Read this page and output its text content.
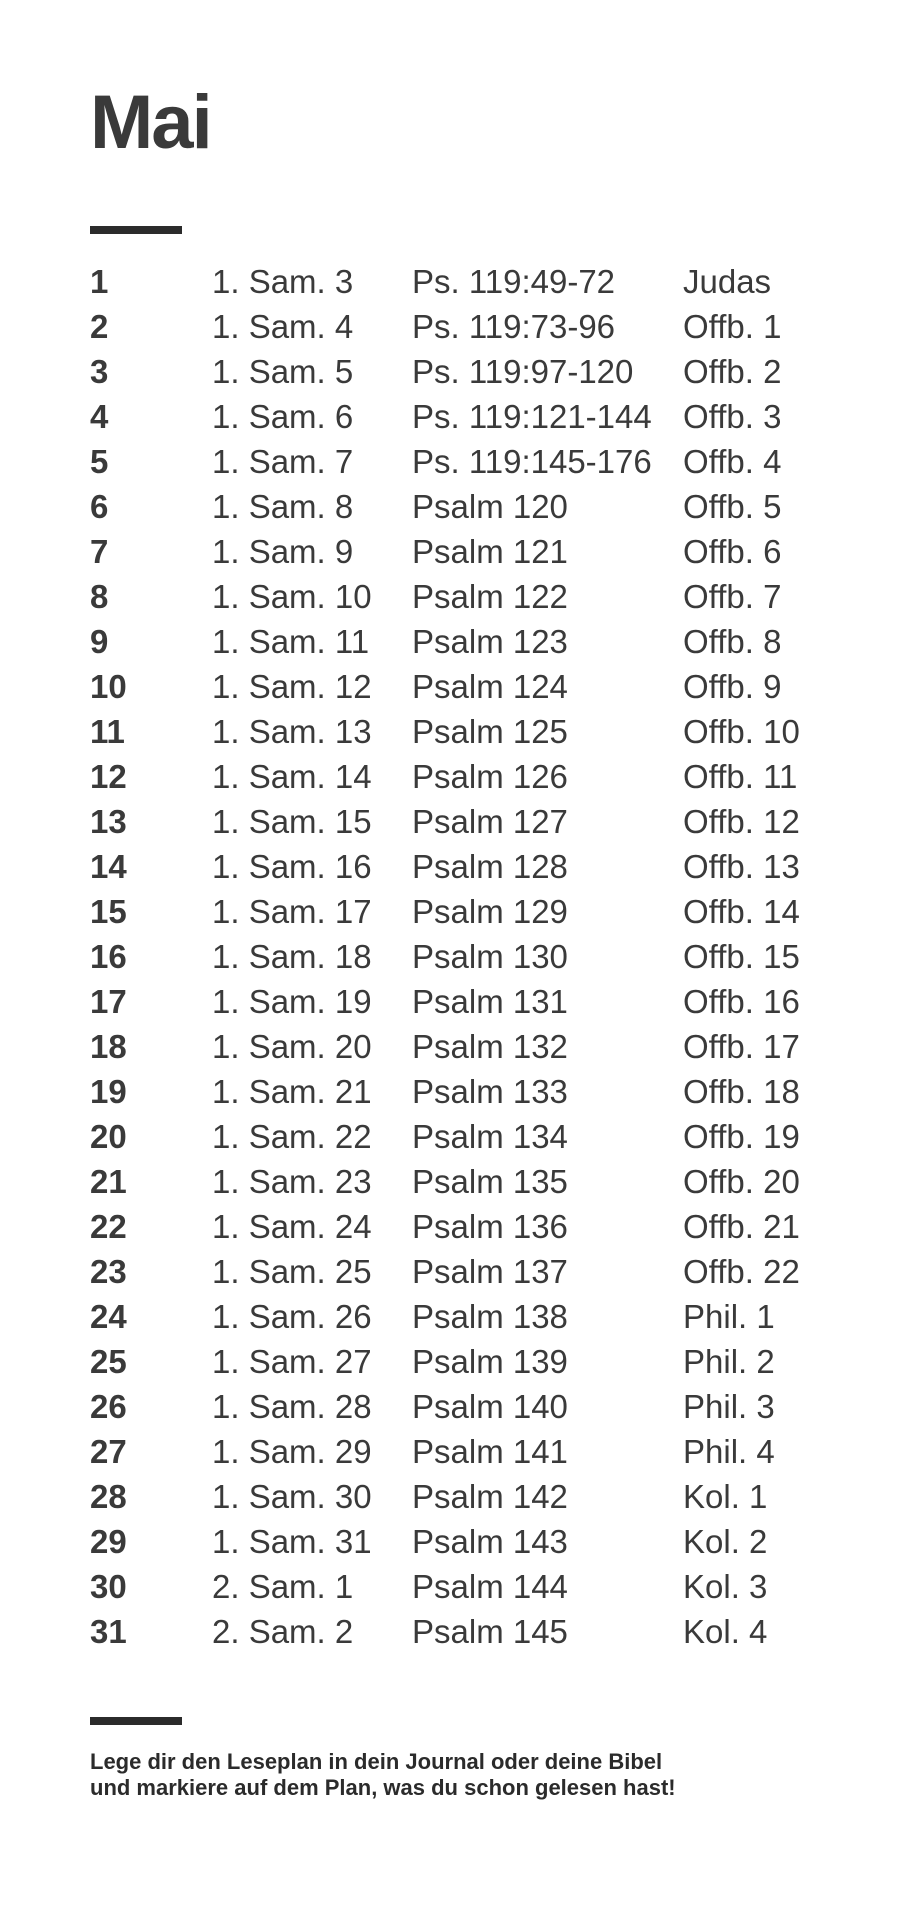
Mai
1	1. Sam. 3	Ps. 119:49-72	Judas
2	1. Sam. 4	Ps. 119:73-96	Offb. 1
3	1. Sam. 5	Ps. 119:97-120	Offb. 2
4	1. Sam. 6	Ps. 119:121-144 Offb. 3
5	1. Sam. 7	Ps. 119:145-176 Offb. 4
6	1. Sam. 8	Psalm 120	Offb. 5
7	1. Sam. 9	Psalm 121	Offb. 6
8	1. Sam. 10	Psalm 122	Offb. 7
9	1. Sam. 11	Psalm 123	Offb. 8
10	1. Sam. 12	Psalm 124	Offb. 9
11	1. Sam. 13	Psalm 125	Offb. 10
12	1. Sam. 14	Psalm 126	Offb. 11
13	1. Sam. 15	Psalm 127	Offb. 12
14	1. Sam. 16	Psalm 128	Offb. 13
15	1. Sam. 17	Psalm 129	Offb. 14
16	1. Sam. 18	Psalm 130	Offb. 15
17	1. Sam. 19	Psalm 131	Offb. 16
18	1. Sam. 20	Psalm 132	Offb. 17
19	1. Sam. 21	Psalm 133	Offb. 18
20	1. Sam. 22	Psalm 134	Offb. 19
21	1. Sam. 23	Psalm 135	Offb. 20
22	1. Sam. 24	Psalm 136	Offb. 21
23	1. Sam. 25	Psalm 137	Offb. 22
24	1. Sam. 26	Psalm 138	Phil. 1
25	1. Sam. 27	Psalm 139	Phil. 2
26	1. Sam. 28	Psalm 140	Phil. 3
27	1. Sam. 29	Psalm 141	Phil. 4
28	1. Sam. 30	Psalm 142	Kol. 1
29	1. Sam. 31	Psalm 143	Kol. 2
30	2. Sam. 1	Psalm 144	Kol. 3
31	2. Sam. 2	Psalm 145	Kol. 4
Lege dir den Leseplan in dein Journal oder deine Bibel
und markiere auf dem Plan, was du schon gelesen hast!
